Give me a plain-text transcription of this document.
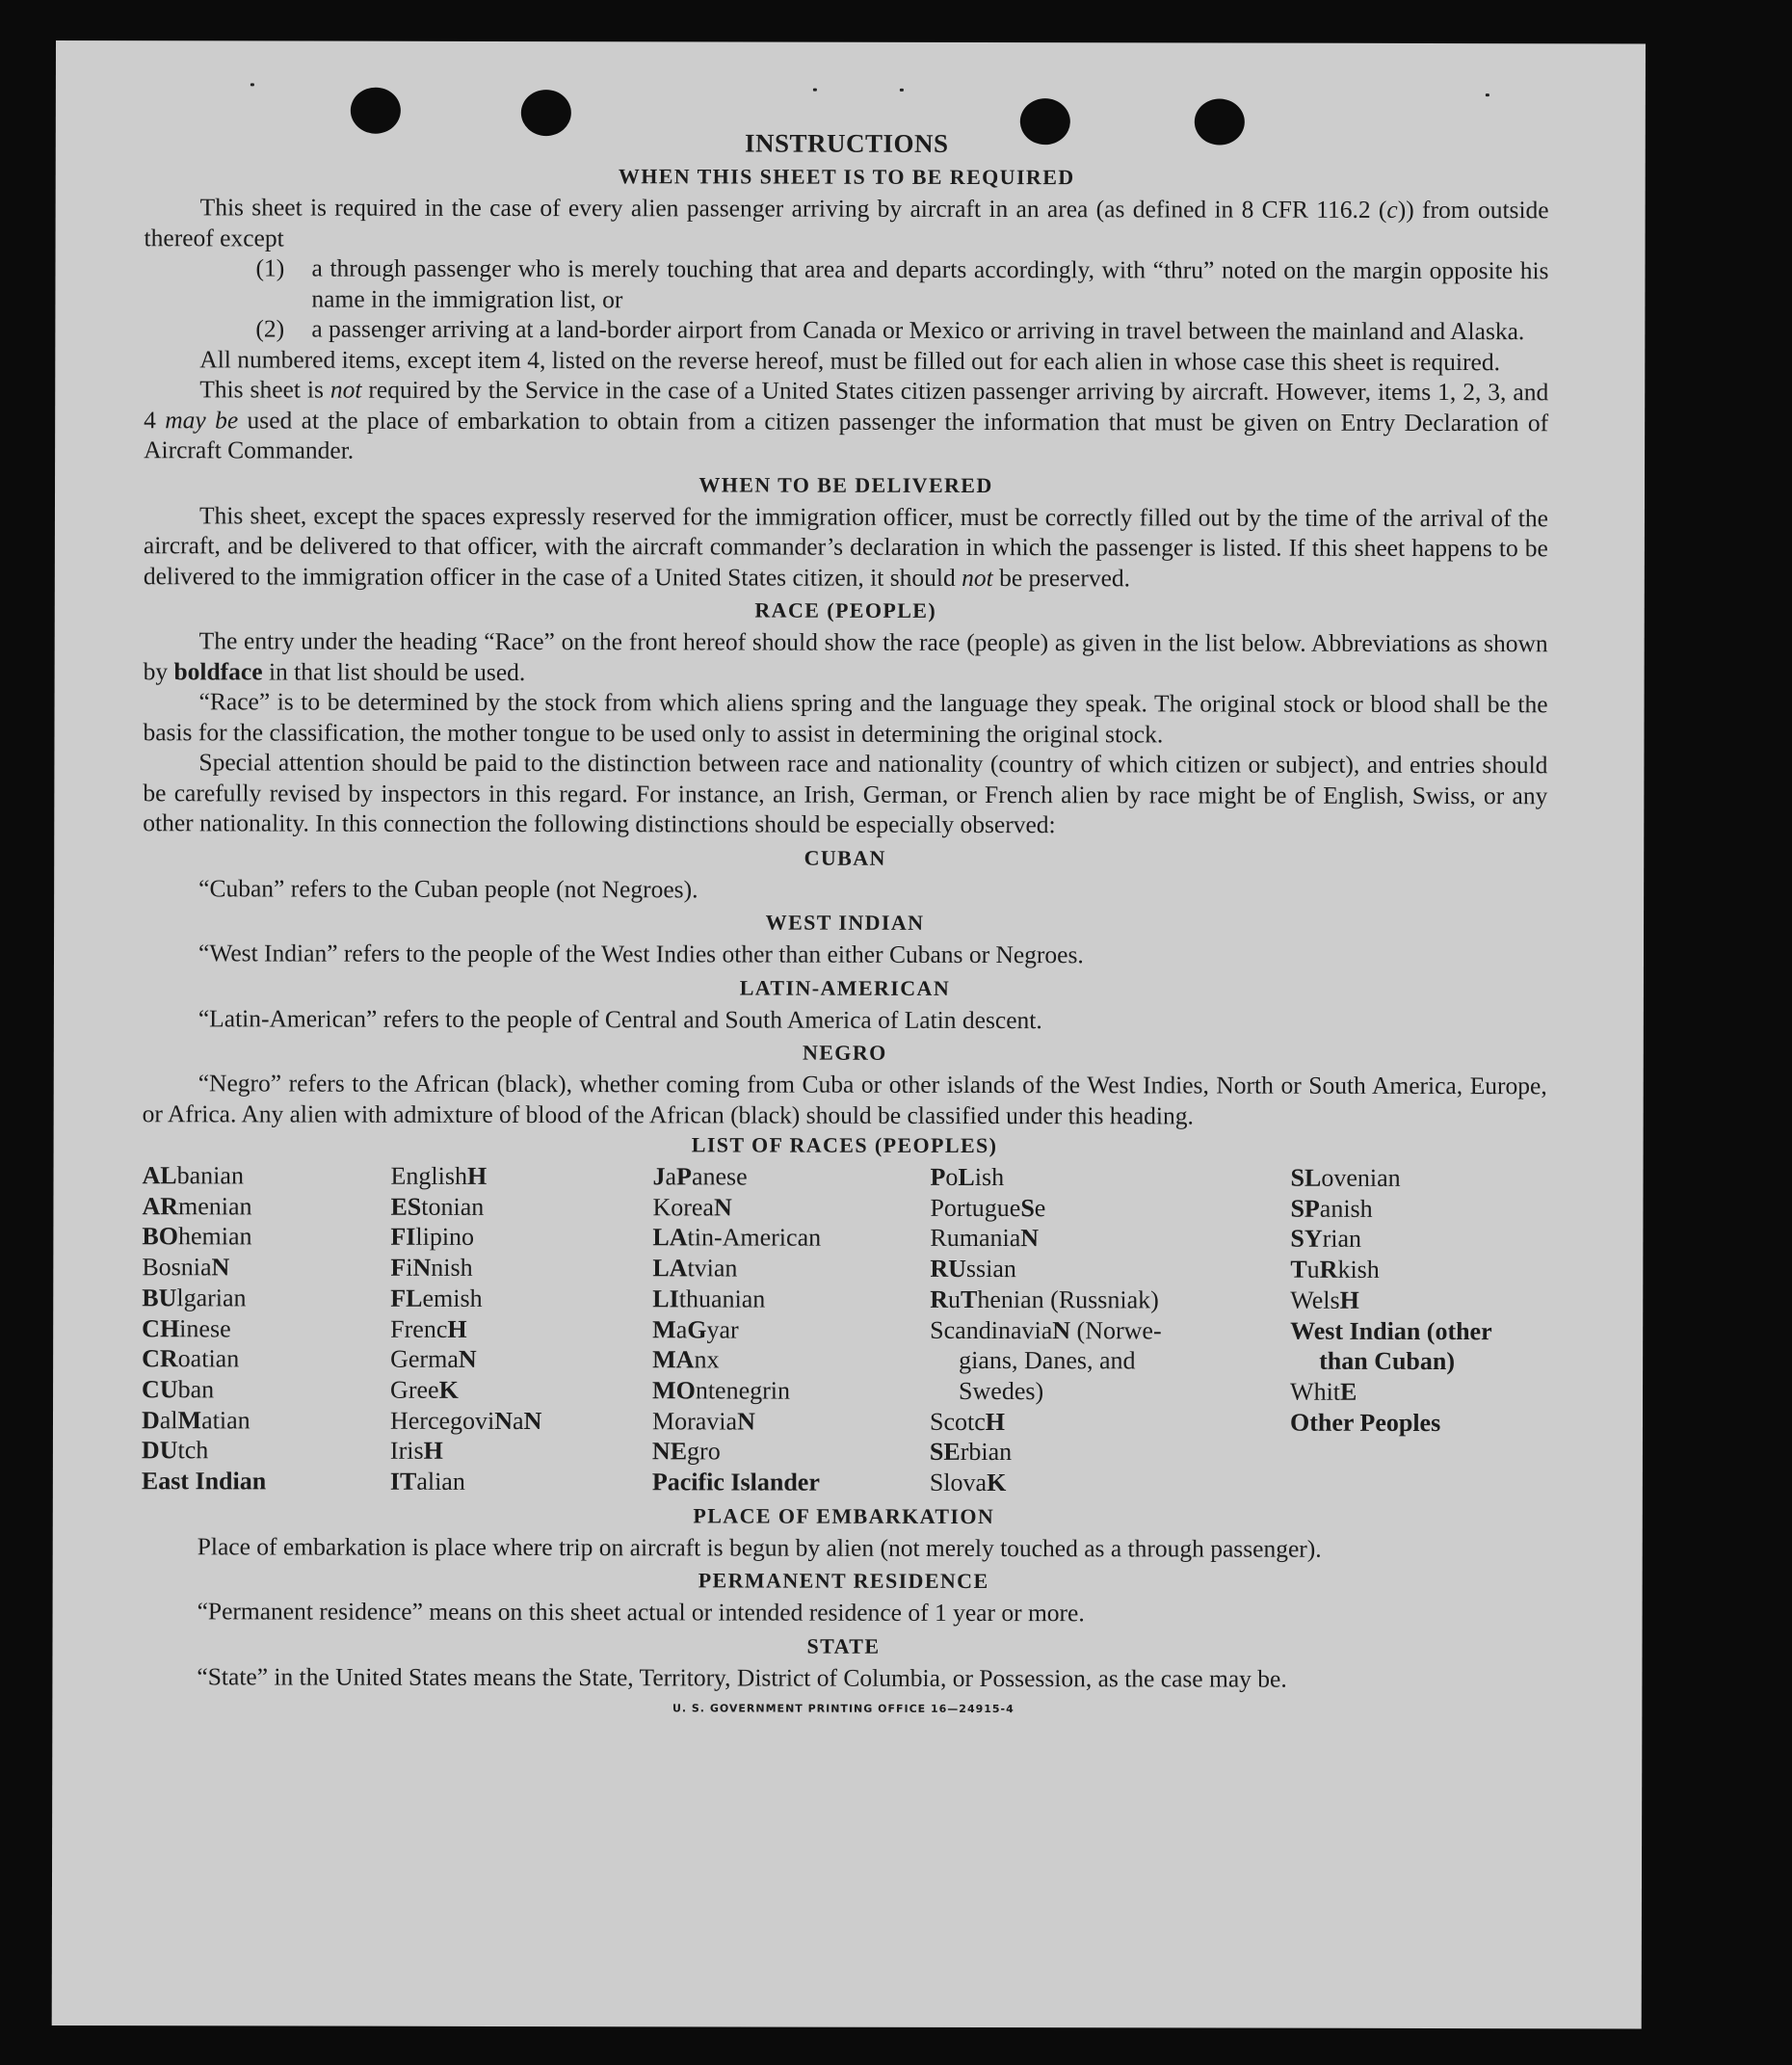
INSTRUCTIONS
WHEN THIS SHEET IS TO BE REQUIRED

This sheet is required in the case of every alien passenger arriving by aircraft in an area (as defined in 8 CFR 116.2 (c)) from outside thereof except

(1)	a through passenger who is merely touching that area and departs accordingly, with “thru” noted on the margin opposite his name in the immigration list, or
(2)	a passenger arriving at a land-border airport from Canada or Mexico or arriving in travel between the mainland and Alaska.

All numbered items, except item 4, listed on the reverse hereof, must be filled out for each alien in whose case this sheet is required.

This sheet is not required by the Service in the case of a United States citizen passenger arriving by aircraft. However, items 1, 2, 3, and 4 may be used at the place of embarkation to obtain from a citizen passenger the information that must be given on Entry Declaration of Aircraft Commander.

WHEN TO BE DELIVERED

This sheet, except the spaces expressly reserved for the immigration officer, must be correctly filled out by the time of the arrival of the aircraft, and be delivered to that officer, with the aircraft commander’s declaration in which the passenger is listed. If this sheet happens to be delivered to the immigration officer in the case of a United States citizen, it should not be preserved.

RACE (PEOPLE)

The entry under the heading “Race” on the front hereof should show the race (people) as given in the list below. Abbreviations as shown by boldface in that list should be used.

“Race” is to be determined by the stock from which aliens spring and the language they speak. The original stock or blood shall be the basis for the classification, the mother tongue to be used only to assist in determining the original stock.

Special attention should be paid to the distinction between race and nationality (country of which citizen or subject), and entries should be carefully revised by inspectors in this regard. For instance, an Irish, German, or French alien by race might be of English, Swiss, or any other nationality. In this connection the following distinctions should be especially observed:

CUBAN

“Cuban” refers to the Cuban people (not Negroes).

WEST INDIAN

“West Indian” refers to the people of the West Indies other than either Cubans or Negroes.

LATIN-AMERICAN

“Latin-American” refers to the people of Central and South America of Latin descent.

NEGRO

“Negro” refers to the African (black), whether coming from Cuba or other islands of the West Indies, North or South America, Europe, or Africa. Any alien with admixture of blood of the African (black) should be classified under this heading.

LIST OF RACES (PEOPLES)
ALbanian
ARmenian
BOhemian
BosniaN
BUlgarian
CHinese
CRoatian
CUban
DalMatian
DUtch
East Indian
EnglishH
EStonian
FIlipino
FiNnish
FLemish
FrencH
GermaN
GreeK
HercegoviNaN
IrisH
ITalian
JaPanese
KoreaN
LAtin-American
LAtvian
LIthuanian
MaGyar
MAnx
MOntenegrin
MoraviaN
NEgro
Pacific Islander
PoLish
PortugueSe
RumaniaN
RUssian
RuThenian (Russniak)
ScandinaviaN (Norwe-
gians, Danes, and
Swedes)
ScotcH
SErbian
SlovaK
SLovenian
SPanish
SYrian
TuRkish
WelsH
West Indian (other
than Cuban)
WhitE
Other Peoples
PLACE OF EMBARKATION

Place of embarkation is place where trip on aircraft is begun by alien (not merely touched as a through passenger).

PERMANENT RESIDENCE

“Permanent residence” means on this sheet actual or intended residence of 1 year or more.

STATE

“State” in the United States means the State, Territory, District of Columbia, or Possession, as the case may be.

U. S. GOVERNMENT PRINTING OFFICE 16—24915-4
